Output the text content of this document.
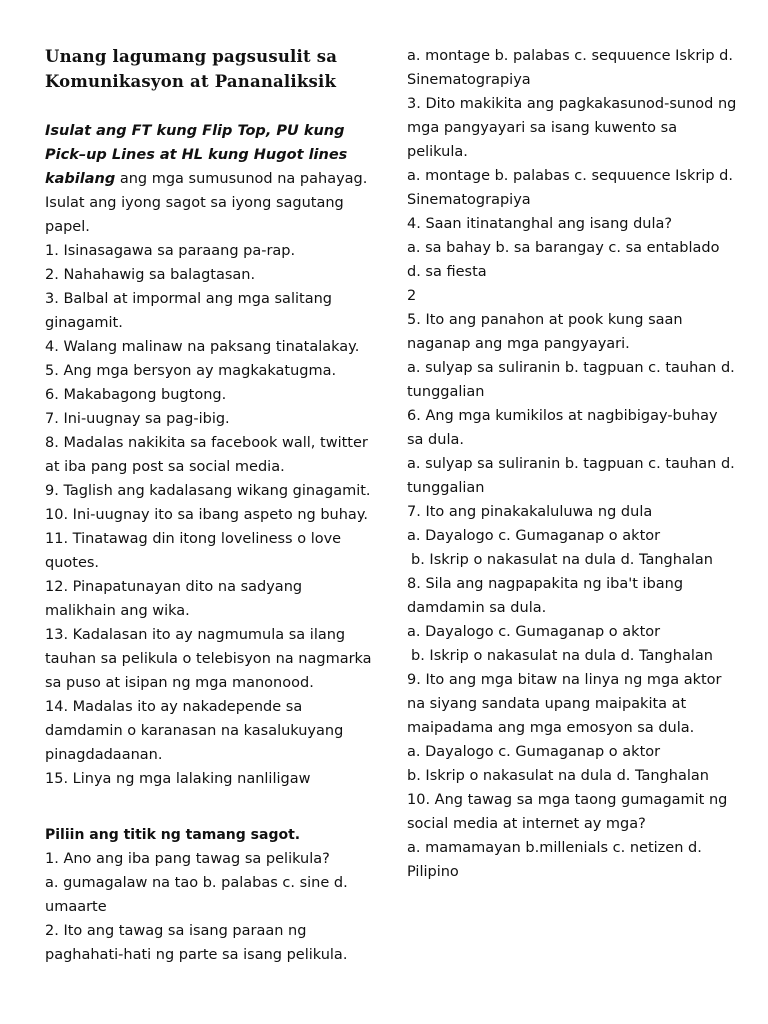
Unang lagumang pagsusulit sa

Komunikasyon at Pananaliksik

Isulat ang FT kung Flip Top, PU kung Pick–up Lines at HL kung Hugot lines kabilang ang mga sumusunod na pahayag. Isulat ang iyong sagot sa iyong sagutang papel.

1. Isinasagawa sa paraang pa-rap.

2. Nahahawig sa balagtasan.

3. Balbal at impormal ang mga salitang ginagamit.

4. Walang malinaw na paksang tinatalakay.

5. Ang mga bersyon ay magkakatugma.

6. Makabagong bugtong.

7. Ini-uugnay sa pag-ibig.

8. Madalas nakikita sa facebook wall, twitter at iba pang post sa social media.

9. Taglish ang kadalasang wikang ginagamit.

10. Ini-uugnay ito sa ibang aspeto ng buhay.

11. Tinatawag din itong loveliness o love quotes.

12. Pinapatunayan dito na sadyang malikhain ang wika.

13. Kadalasan ito ay nagmumula sa ilang tauhan sa pelikula o telebisyon na nagmarka sa puso at isipan ng mga manonood.

14. Madalas ito ay nakadepende sa damdamin o karanasan na kasalukuyang pinagdadaanan.

15. Linya ng mga lalaking nanliligaw

Piliin ang titik ng tamang sagot.

1. Ano ang iba pang tawag sa pelikula?

a. gumagalaw na tao b. palabas c. sine d. umaarte

2. Ito ang tawag sa isang paraan ng paghahati-hati ng parte sa isang pelikula.

a. montage b. palabas c. sequuence Iskrip d. Sinematograpiya

3. Dito makikita ang pagkakasunod-sunod ng mga pangyayari sa isang kuwento sa pelikula.

a. montage b. palabas c. sequuence Iskrip d. Sinematograpiya

4. Saan itinatanghal ang isang dula?

a. sa bahay b. sa barangay c. sa entablado d. sa fiesta

2

5. Ito ang panahon at pook kung saan naganap ang mga pangyayari.

a. sulyap sa suliranin b. tagpuan c. tauhan d. tunggalian

6. Ang mga kumikilos at nagbibigay-buhay sa dula.

a. sulyap sa suliranin b. tagpuan c. tauhan d. tunggalian

7. Ito ang pinakakaluluwa ng dula

a. Dayalogo c. Gumaganap o aktor

b. Iskrip o nakasulat na dula d. Tanghalan

8. Sila ang nagpapakita ng iba't ibang damdamin sa dula.

a. Dayalogo c. Gumaganap o aktor

b. Iskrip o nakasulat na dula d. Tanghalan

9. Ito ang mga bitaw na linya ng mga aktor na siyang sandata upang maipakita at maipadama ang mga emosyon sa dula.

a. Dayalogo c. Gumaganap o aktor

b. Iskrip o nakasulat na dula d. Tanghalan

10. Ang tawag sa mga taong gumagamit ng social media at internet ay mga?

a. mamamayan b.millenials c. netizen d. Pilipino
